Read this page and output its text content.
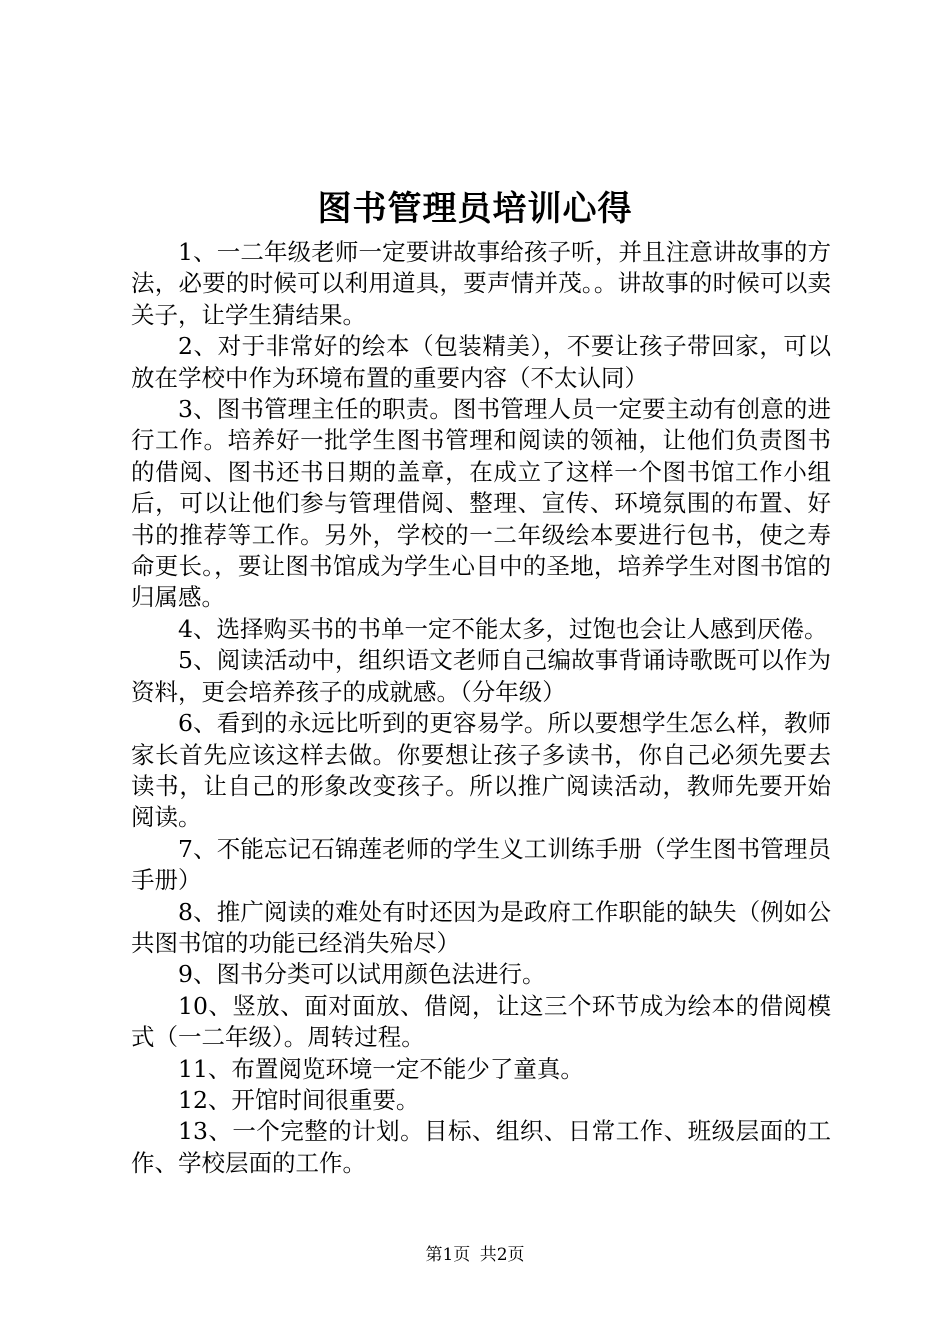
图书管理员培训心得

1、一二年级老师一定要讲故事给孩子听，并且注意讲故事的方法，必要的时候可以利用道具，要声情并茂。。讲故事的时候可以卖关子，让学生猜结果。

2、对于非常好的绘本（包装精美），不要让孩子带回家，可以放在学校中作为环境布置的重要内容（不太认同）

3、图书管理主任的职责。图书管理人员一定要主动有创意的进行工作。培养好一批学生图书管理和阅读的领袖，让他们负责图书的借阅、图书还书日期的盖章，在成立了这样一个图书馆工作小组后，可以让他们参与管理借阅、整理、宣传、环境氛围的布置、好书的推荐等工作。另外，学校的一二年级绘本要进行包书，使之寿命更长。，要让图书馆成为学生心目中的圣地，培养学生对图书馆的归属感。

4、选择购买书的书单一定不能太多，过饱也会让人感到厌倦。

5、阅读活动中，组织语文老师自己编故事背诵诗歌既可以作为资料，更会培养孩子的成就感。（分年级）

6、看到的永远比听到的更容易学。所以要想学生怎么样，教师家长首先应该这样去做。你要想让孩子多读书，你自己必须先要去读书，让自己的形象改变孩子。所以推广阅读活动，教师先要开始阅读。

7、不能忘记石锦莲老师的学生义工训练手册（学生图书管理员手册）

8、推广阅读的难处有时还因为是政府工作职能的缺失（例如公共图书馆的功能已经消失殆尽）

9、图书分类可以试用颜色法进行。

10、竖放、面对面放、借阅，让这三个环节成为绘本的借阅模式（一二年级）。周转过程。

11、布置阅览环境一定不能少了童真。

12、开馆时间很重要。

13、一个完整的计划。目标、组织、日常工作、班级层面的工作、学校层面的工作。

第1页 共2页
